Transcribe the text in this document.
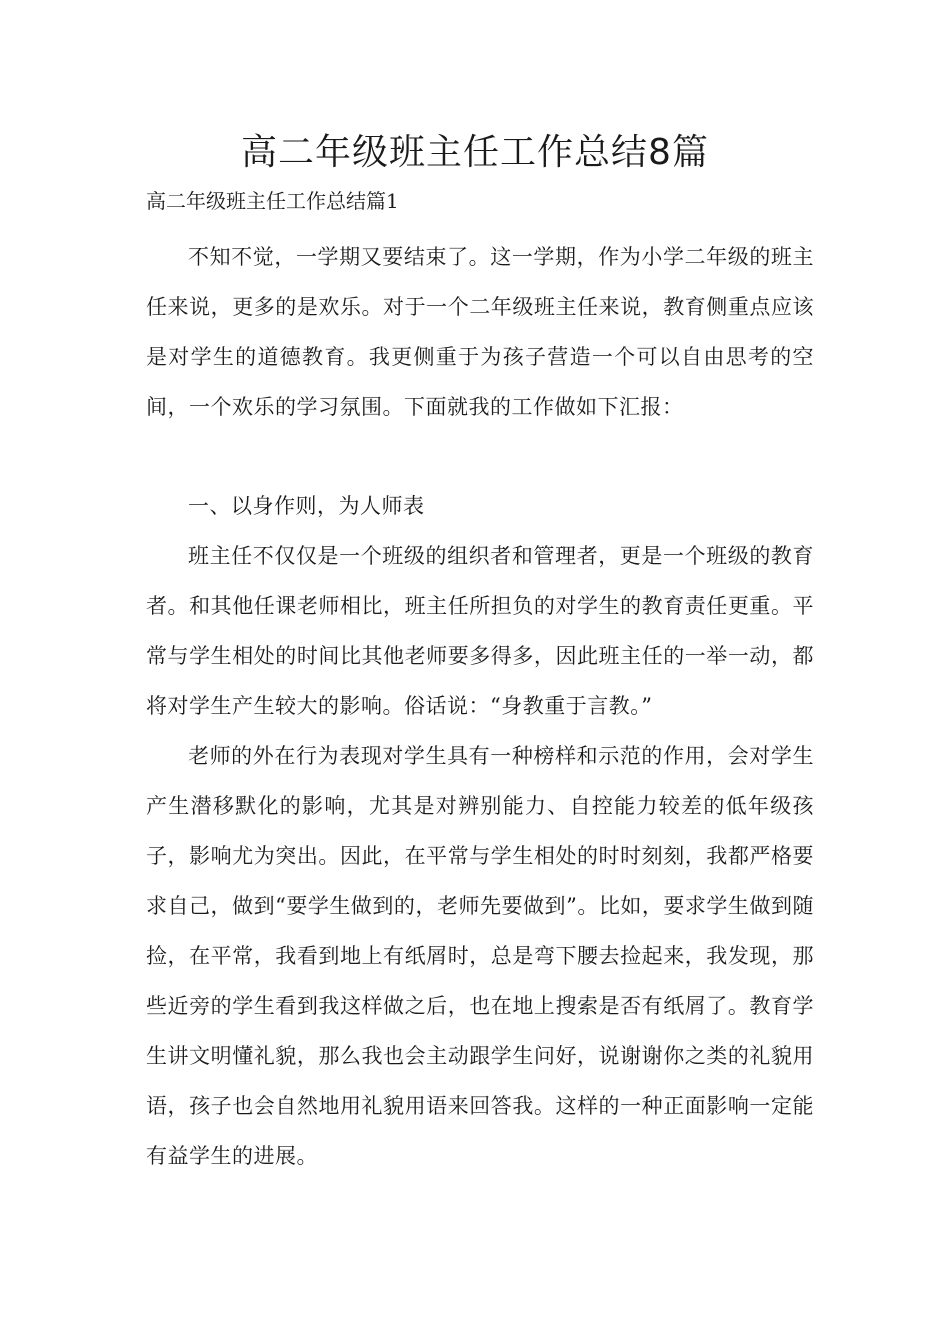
高二年级班主任工作总结8篇

高二年级班主任工作总结篇1

不知不觉，一学期又要结束了。这一学期，作为小学二年级的班主任来说，更多的是欢乐。对于一个二年级班主任来说，教育侧重点应该是对学生的道德教育。我更侧重于为孩子营造一个可以自由思考的空间，一个欢乐的学习氛围。下面就我的工作做如下汇报：

一、以身作则，为人师表

班主任不仅仅是一个班级的组织者和管理者，更是一个班级的教育者。和其他任课老师相比，班主任所担负的对学生的教育责任更重。平常与学生相处的时间比其他老师要多得多，因此班主任的一举一动，都将对学生产生较大的影响。俗话说：“身教重于言教。”

老师的外在行为表现对学生具有一种榜样和示范的作用，会对学生产生潜移默化的影响，尤其是对辨别能力、自控能力较差的低年级孩子，影响尤为突出。因此，在平常与学生相处的时时刻刻，我都严格要求自己，做到“要学生做到的，老师先要做到”。比如，要求学生做到随捡，在平常，我看到地上有纸屑时，总是弯下腰去捡起来，我发现，那些近旁的学生看到我这样做之后，也在地上搜索是否有纸屑了。教育学生讲文明懂礼貌，那么我也会主动跟学生问好，说谢谢你之类的礼貌用语，孩子也会自然地用礼貌用语来回答我。这样的一种正面影响一定能有益学生的进展。
